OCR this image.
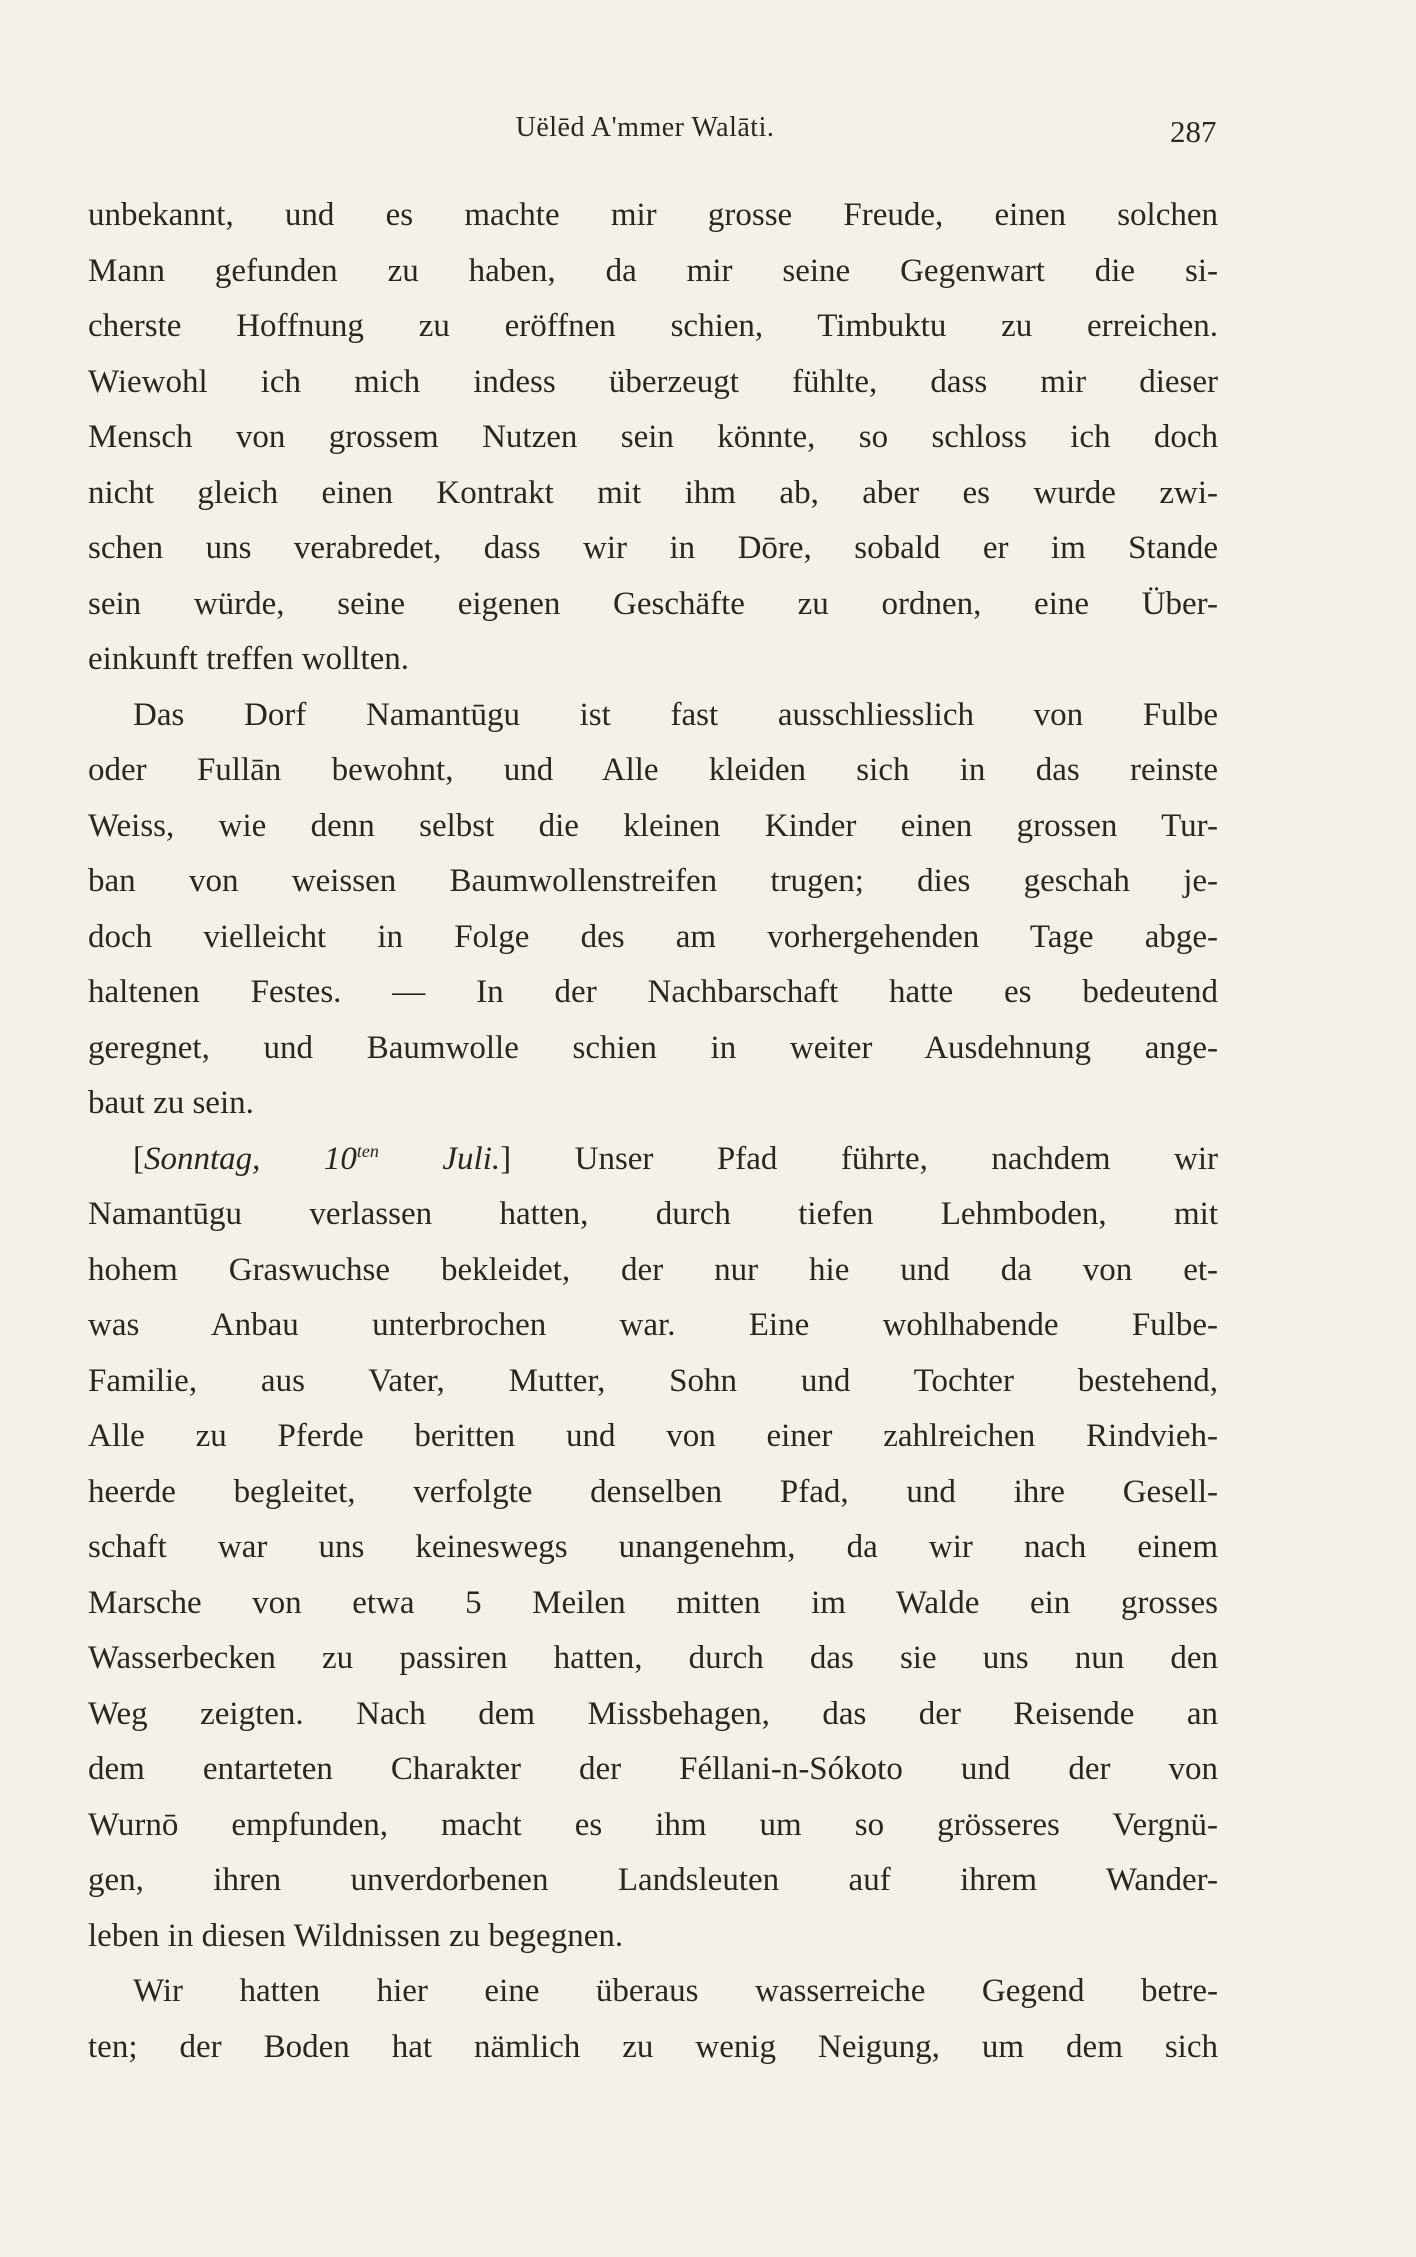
Uëlēd A'mmer Walāti.	287
unbekannt, und es machte mir grosse Freude, einen solchen
Mann gefunden zu haben, da mir seine Gegenwart die si-
cherste Hoffnung zu eröffnen schien, Timbuktu zu erreichen.
Wiewohl ich mich indess überzeugt fühlte, dass mir dieser
Mensch von grossem Nutzen sein könnte, so schloss ich doch
nicht gleich einen Kontrakt mit ihm ab, aber es wurde zwi-
schen uns verabredet, dass wir in Dōre, sobald er im Stande
sein würde, seine eigenen Geschäfte zu ordnen, eine Über-
einkunft treffen wollten.
Das Dorf Namantūgu ist fast ausschliesslich von Fulbe
oder Fullān bewohnt, und Alle kleiden sich in das reinste
Weiss, wie denn selbst die kleinen Kinder einen grossen Tur-
ban von weissen Baumwollenstreifen trugen; dies geschah je-
doch vielleicht in Folge des am vorhergehenden Tage abge-
haltenen Festes. — In der Nachbarschaft hatte es bedeutend
geregnet, und Baumwolle schien in weiter Ausdehnung ange-
baut zu sein.
[Sonntag, $10^{ten}$ Juli.] Unser Pfad führte, nachdem wir
Namantūgu verlassen hatten, durch tiefen Lehmboden, mit
hohem Graswuchse bekleidet, der nur hie und da von et-
was Anbau unterbrochen war. Eine wohlhabende Fulbe-
Familie, aus Vater, Mutter, Sohn und Tochter bestehend,
Alle zu Pferde beritten und von einer zahlreichen Rindvieh-
heerde begleitet, verfolgte denselben Pfad, und ihre Gesell-
schaft war uns keineswegs unangenehm, da wir nach einem
Marsche von etwa 5 Meilen mitten im Walde ein grosses
Wasserbecken zu passiren hatten, durch das sie uns nun den
Weg zeigten. Nach dem Missbehagen, das der Reisende an
dem entarteten Charakter der Féllani-n-Sókoto und der von
Wurnō empfunden, macht es ihm um so grösseres Vergnü-
gen, ihren unverdorbenen Landsleuten auf ihrem Wander-
leben in diesen Wildnissen zu begegnen.
Wir hatten hier eine überaus wasserreiche Gegend betre-
ten; der Boden hat nämlich zu wenig Neigung, um dem sich
